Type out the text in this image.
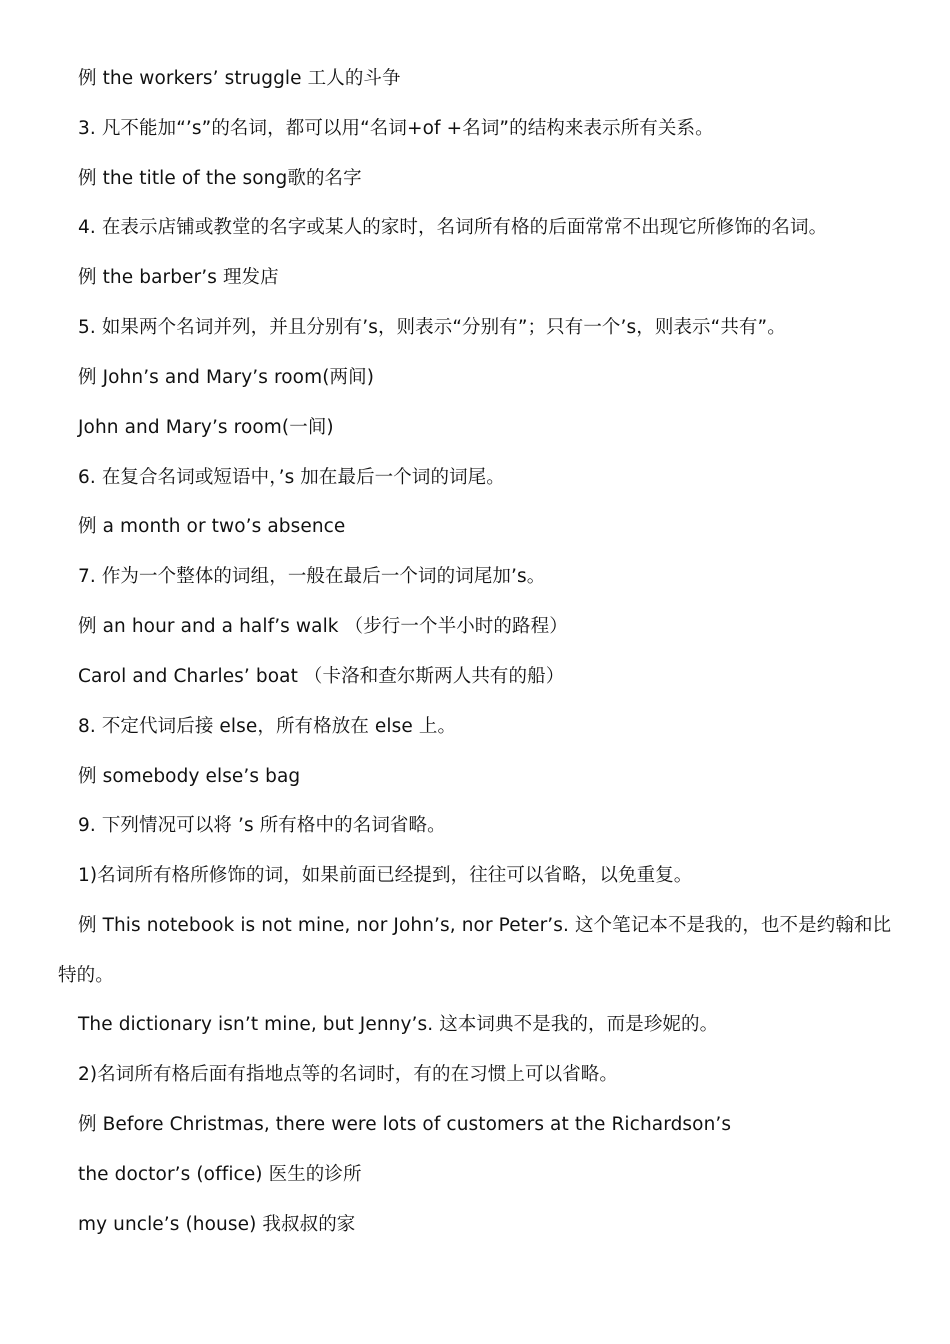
例 the workers’ struggle 工人的斗争
3. 凡不能加“’s”的名词，都可以用“名词+of +名词”的结构来表示所有关系。
例 the title of the song歌的名字
4. 在表示店铺或教堂的名字或某人的家时，名词所有格的后面常常不出现它所修饰的名词。
例 the barber’s 理发店
5. 如果两个名词并列，并且分别有’s，则表示“分别有”；只有一个’s，则表示“共有”。
例 John’s and Mary’s room(两间)
John and Mary’s room(一间)
6. 在复合名词或短语中，’s 加在最后一个词的词尾。
例 a month or two’s absence
7. 作为一个整体的词组，一般在最后一个词的词尾加’s。
例 an hour and a half’s walk （步行一个半小时的路程）
Carol and Charles’ boat （卡洛和查尔斯两人共有的船）
8. 不定代词后接 else，所有格放在 else 上。
例 somebody else’s bag
9. 下列情况可以将 ’s 所有格中的名词省略。
1)名词所有格所修饰的词，如果前面已经提到，往往可以省略，以免重复。
例 This notebook is not mine, nor John’s, nor Peter’s. 这个笔记本不是我的，也不是约翰和比
特的。
The dictionary isn’t mine, but Jenny’s. 这本词典不是我的，而是珍妮的。
2)名词所有格后面有指地点等的名词时，有的在习惯上可以省略。
例 Before Christmas, there were lots of customers at the Richardson’s
the doctor’s (office) 医生的诊所
my uncle’s (house) 我叔叔的家
